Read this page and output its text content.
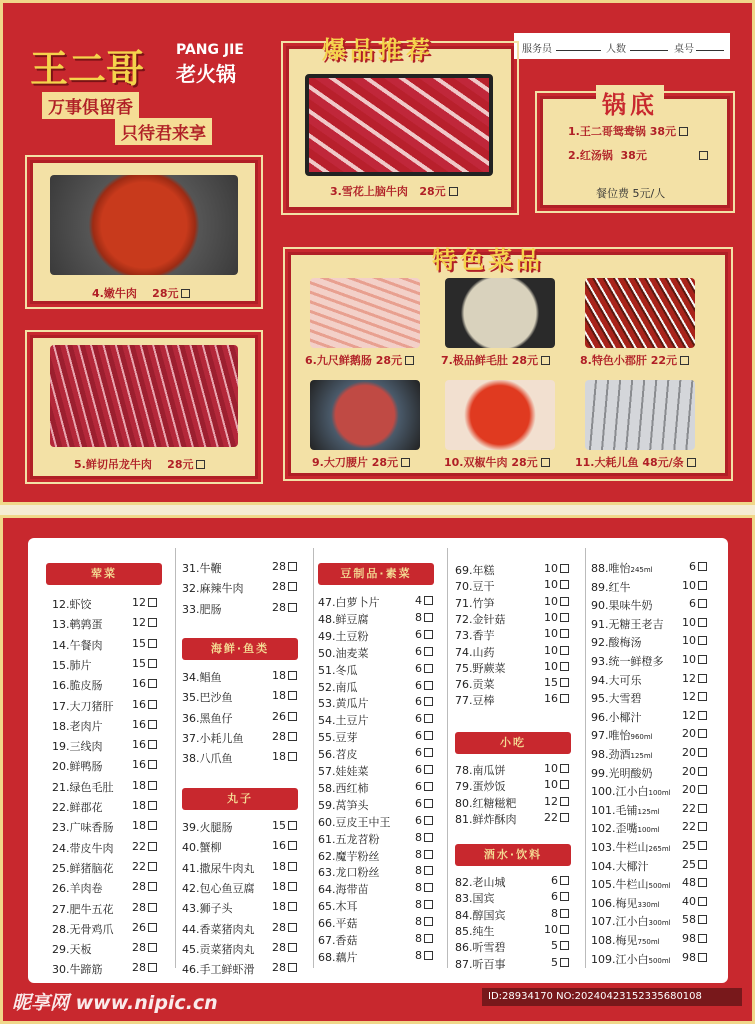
王二哥 PANG JIE
老火锅
万事俱留香
只待君来享
服务员	人数	桌号
爆品推荐
3.雪花上脑牛肉 28元
4.嫩牛肉 28元
5.鲜切吊龙牛肉 28元
锅底
1.王二哥鸳鸯锅 38元
2.红汤锅 38元
餐位费 5元/人
特色菜品
6.九尺鲜鹅肠 28元	7.极品鲜毛肚 28元	8.特色小郡肝 22元
9.大刀腰片 28元	10.双椒牛肉 28元	11.大耗儿鱼 48元/条
荤菜
12.虾饺	12
13.鹌鹑蛋	12
14.午餐肉	15
15.肺片	15
16.脆皮肠	16
17.大刀猪肝	16
18.老肉片	16
19.三线肉	16
20.鲜鸭肠	16
21.绿色毛肚	18
22.鲜郡花	18
23.广味香肠	18
24.带皮牛肉	22
25.鲜猪脑花	22
26.羊肉卷	28
27.肥牛五花	28
28.无骨鸡爪	26
29.天板	28
30.牛蹄筋	28
31.牛鞭	28
32.麻辣牛肉	28
33.肥肠	28
海鲜·鱼类
34.鲳鱼	18
35.巴沙鱼	18
36.黑鱼仔	26
37.小耗儿鱼	28
38.八爪鱼	18
丸子
39.火腿肠	15
40.蟹柳	16
41.撒尿牛肉丸	18
42.包心鱼豆腐	18
43.狮子头	18
44.香菜猪肉丸	28
45.贡菜猪肉丸	28
46.手工鲜虾滑	28
豆制品·素菜
47.白萝卜片	4
48.鲜豆腐	8
49.土豆粉	6
50.油麦菜	6
51.冬瓜	6
52.南瓜	6
53.黄瓜片	6
54.土豆片	6
55.豆芽	6
56.苕皮	6
57.娃娃菜	6
58.西红柿	6
59.莴笋头	6
60.豆皮王中王	6
61.五龙苕粉	8
62.魔芋粉丝	8
63.龙口粉丝	8
64.海带苗	8
65.木耳	8
66.平菇	8
67.香菇	8
68.藕片	8
69.年糕	10
70.豆干	10
71.竹笋	10
72.金针菇	10
73.香芋	10
74.山药	10
75.野蕨菜	10
76.贡菜	15
77.豆棒	16
小吃
78.南瓜饼	10
79.蛋炒饭	10
80.红糖糍粑	12
81.鲜炸酥肉	22
酒水·饮料
82.老山城	6
83.国宾	6
84.醇国宾	8
85.纯生	10
86.听雪碧	5
87.听百事	5
88.唯怡245ml	6
89.红牛	10
90.果味牛奶	6
91.无糖王老吉	10
92.酸梅汤	10
93.统一鲜橙多	10
94.大可乐	12
95.大雪碧	12
96.小椰汁	12
97.唯怡960ml	20
98.劲酒125ml	20
99.光明酸奶	20
100.江小白100ml	20
101.毛铺125ml	22
102.歪嘴100ml	22
103.牛栏山265ml	25
104.大椰汁	25
105.牛栏山500ml	48
106.梅见330ml	40
107.江小白300ml	58
108.梅见750ml	98
109.江小白500ml	98
昵享网 www.nipic.cn	ID:28934170 NO:20240423152335680108
